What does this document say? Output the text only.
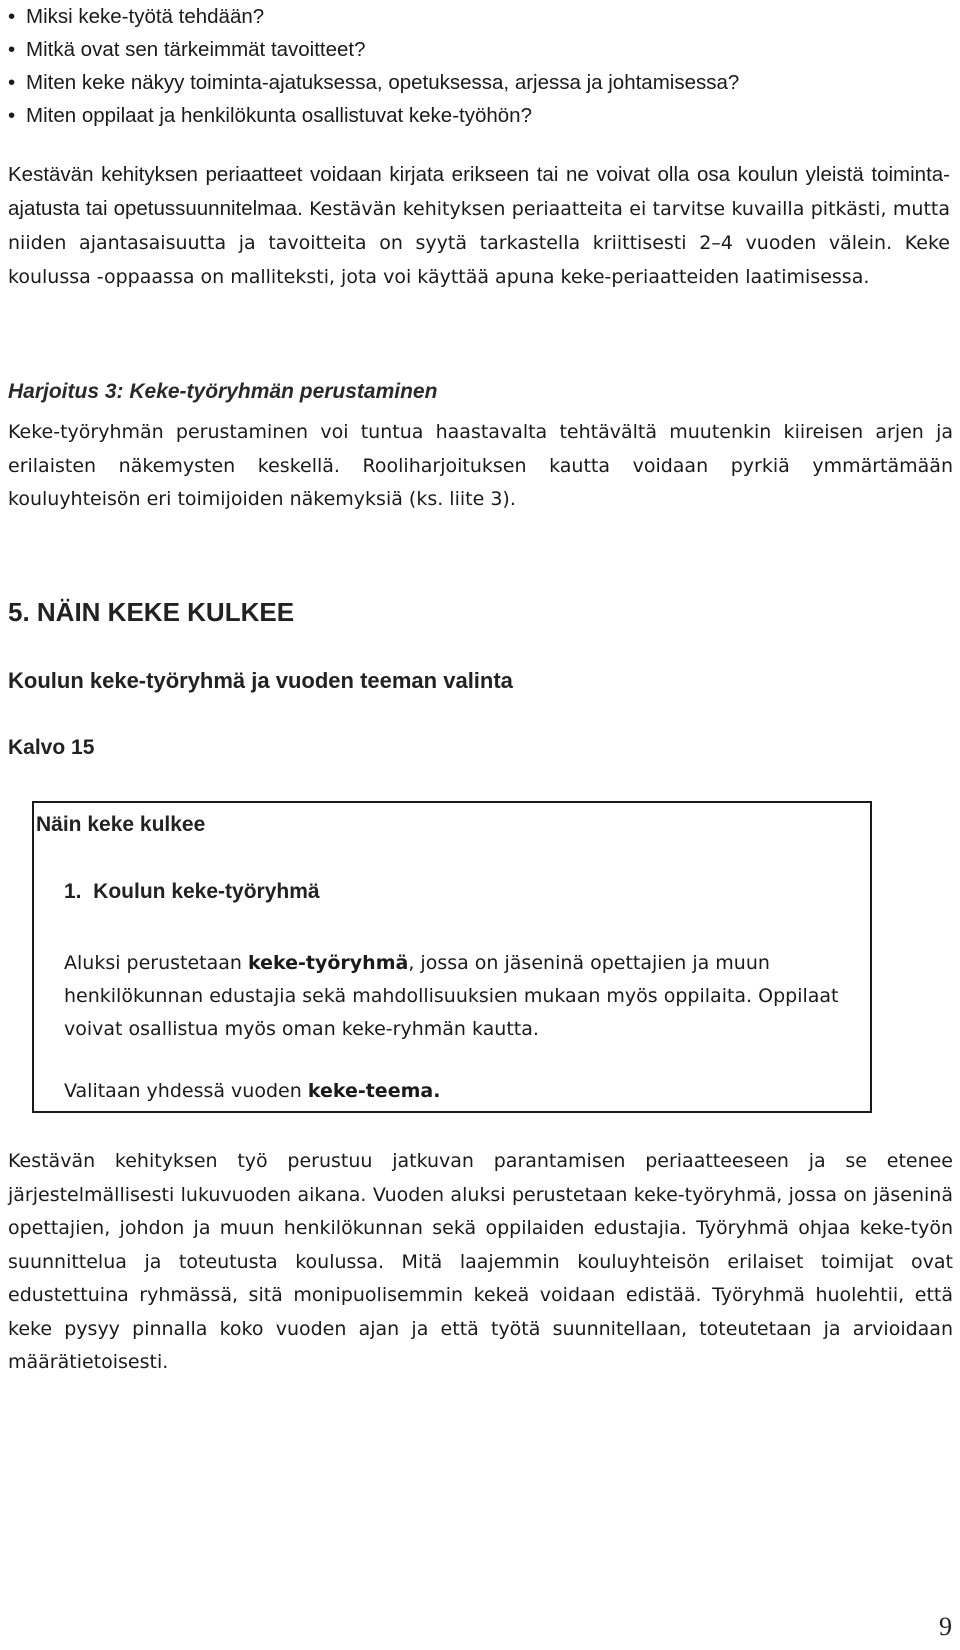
• Miksi keke-työtä tehdään?
• Mitkä ovat sen tärkeimmät tavoitteet?
• Miten keke näkyy toiminta-ajatuksessa, opetuksessa, arjessa ja johtamisessa?
• Miten oppilaat ja henkilökunta osallistuvat keke-työhön?

Kestävän kehityksen periaatteet voidaan kirjata erikseen tai ne voivat olla osa koulun yleistä toiminta-ajatusta tai opetussuunnitelmaa. Kestävän kehityksen periaatteita ei tarvitse kuvailla pitkästi, mutta niiden ajantasaisuutta ja tavoitteita on syytä tarkastella kriittisesti 2–4 vuoden välein. Keke koulussa -oppaassa on malliteksti, jota voi käyttää apuna keke-periaatteiden laatimisessa.

Harjoitus 3: Keke-työryhmän perustaminen

Keke-työryhmän perustaminen voi tuntua haastavalta tehtävältä muutenkin kiireisen arjen ja erilaisten näkemysten keskellä. Rooliharjoituksen kautta voidaan pyrkiä ymmärtämään kouluyhteisön eri toimijoiden näkemyksiä (ks. liite 3).

5. NÄIN KEKE KULKEE
Koulun keke-työryhmä ja vuoden teeman valinta
Kalvo 15
Näin keke kulkee
1.  Koulun keke-työryhmä

Aluksi perustetaan keke-työryhmä, jossa on jäseninä opettajien ja muun henkilökunnan edustajia sekä mahdollisuuksien mukaan myös oppilaita. Oppilaat voivat osallistua myös oman keke-ryhmän kautta.

Valitaan yhdessä vuoden keke-teema.

Kestävän kehityksen työ perustuu jatkuvan parantamisen periaatteeseen ja se etenee järjestelmällisesti lukuvuoden aikana. Vuoden aluksi perustetaan keke-työryhmä, jossa on jäseninä opettajien, johdon ja muun henkilökunnan sekä oppilaiden edustajia. Työryhmä ohjaa keke-työn suunnittelua ja toteutusta koulussa. Mitä laajemmin kouluyhteisön erilaiset toimijat ovat edustettuina ryhmässä, sitä monipuolisemmin kekeä voidaan edistää. Työryhmä huolehtii, että keke pysyy pinnalla koko vuoden ajan ja että työtä suunnitellaan, toteutetaan ja arvioidaan määrätietoisesti.

9
